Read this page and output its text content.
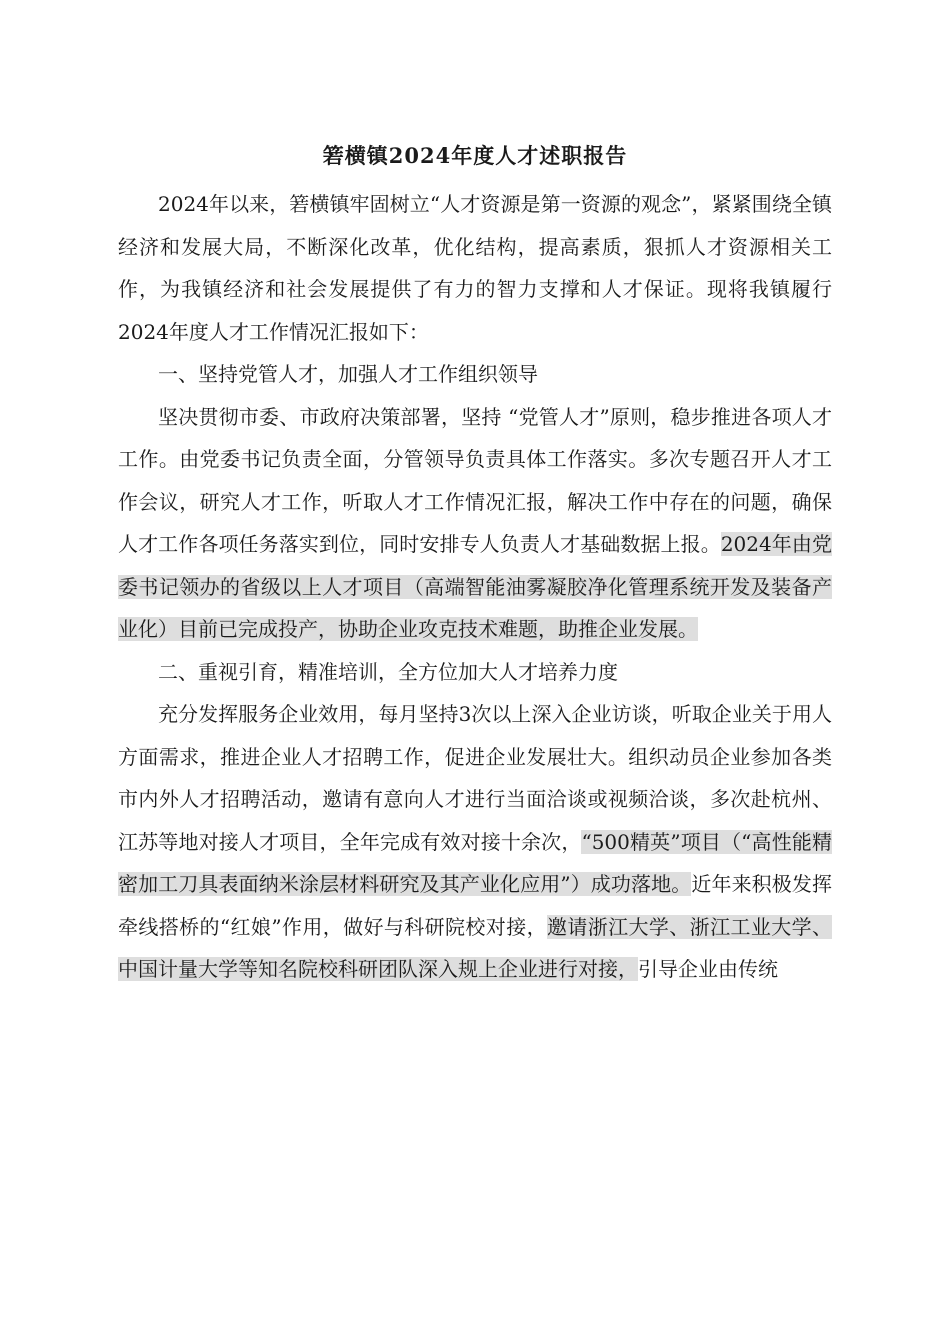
箬横镇2024年度人才述职报告

2024年以来，箬横镇牢固树立“人才资源是第一资源的观念”，紧紧围绕全镇经济和发展大局，不断深化改革，优化结构，提高素质，狠抓人才资源相关工作，为我镇经济和社会发展提供了有力的智力支撑和人才保证。现将我镇履行2024年度人才工作情况汇报如下：

一、坚持党管人才，加强人才工作组织领导

坚决贯彻市委、市政府决策部署，坚持 “党管人才”原则，稳步推进各项人才工作。由党委书记负责全面，分管领导负责具体工作落实。多次专题召开人才工作会议，研究人才工作，听取人才工作情况汇报，解决工作中存在的问题，确保人才工作各项任务落实到位，同时安排专人负责人才基础数据上报。2024年由党委书记领办的省级以上人才项目（高端智能油雾凝胶净化管理系统开发及装备产业化）目前已完成投产，协助企业攻克技术难题，助推企业发展。

二、重视引育，精准培训，全方位加大人才培养力度

充分发挥服务企业效用，每月坚持3次以上深入企业访谈，听取企业关于用人方面需求，推进企业人才招聘工作，促进企业发展壮大。组织动员企业参加各类市内外人才招聘活动，邀请有意向人才进行当面洽谈或视频洽谈，多次赴杭州、江苏等地对接人才项目，全年完成有效对接十余次，“500精英”项目（“高性能精密加工刀具表面纳米涂层材料研究及其产业化应用”）成功落地。近年来积极发挥牵线搭桥的“红娘”作用，做好与科研院校对接，邀请浙江大学、浙江工业大学、中国计量大学等知名院校科研团队深入规上企业进行对接，引导企业由传统
